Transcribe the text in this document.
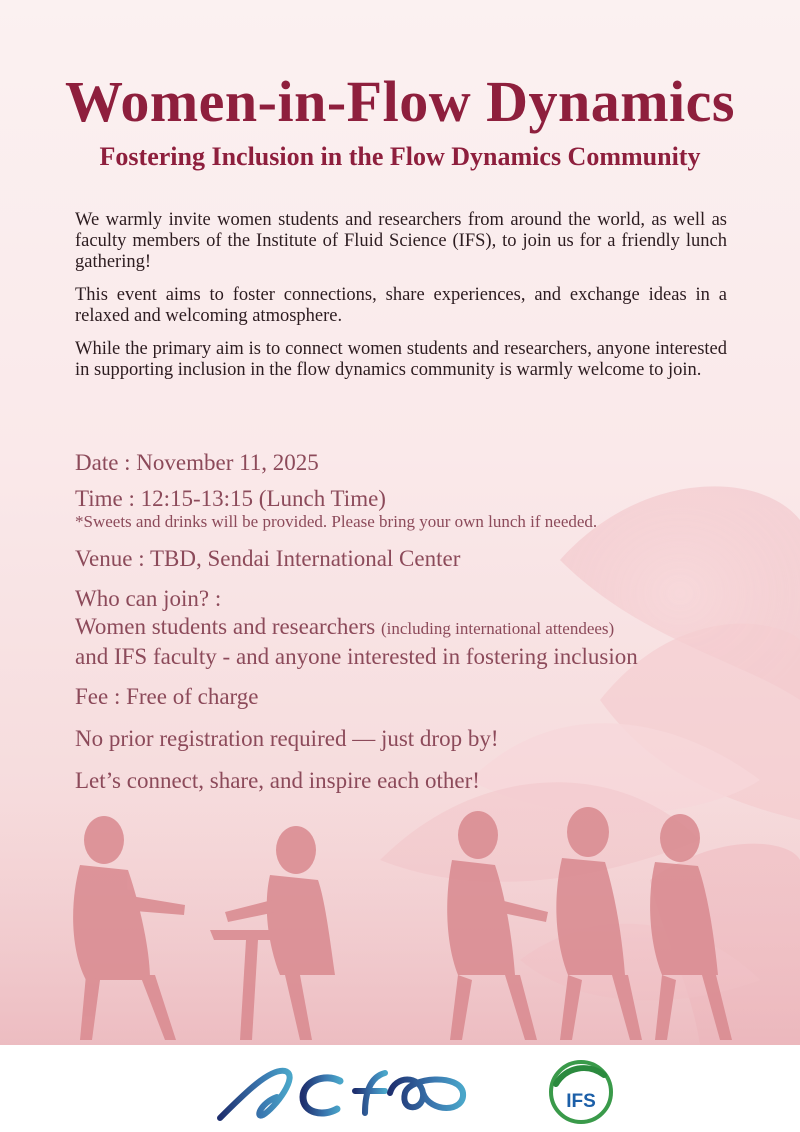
Women-in-Flow Dynamics
Fostering Inclusion in the Flow Dynamics Community

We warmly invite women students and researchers from around the world, as well as faculty members of the Institute of Fluid Science (IFS), to join us for a friendly lunch gathering!

This event aims to foster connections, share experiences, and exchange ideas in a relaxed and welcoming atmosphere.

While the primary aim is to connect women students and researchers, anyone interested in supporting inclusion in the flow dynamics community is warmly welcome to join.

Date : November 11, 2025
Time : 12:15-13:15 (Lunch Time)
*Sweets and drinks will be provided. Please bring your own lunch if needed.
Venue : TBD, Sendai International Center
Who can join? :
Women students and researchers (including international attendees)
and IFS faculty - and anyone interested in fostering inclusion
Fee : Free of charge
No prior registration required — just drop by!
Let’s connect, share, and inspire each other!
IFS
